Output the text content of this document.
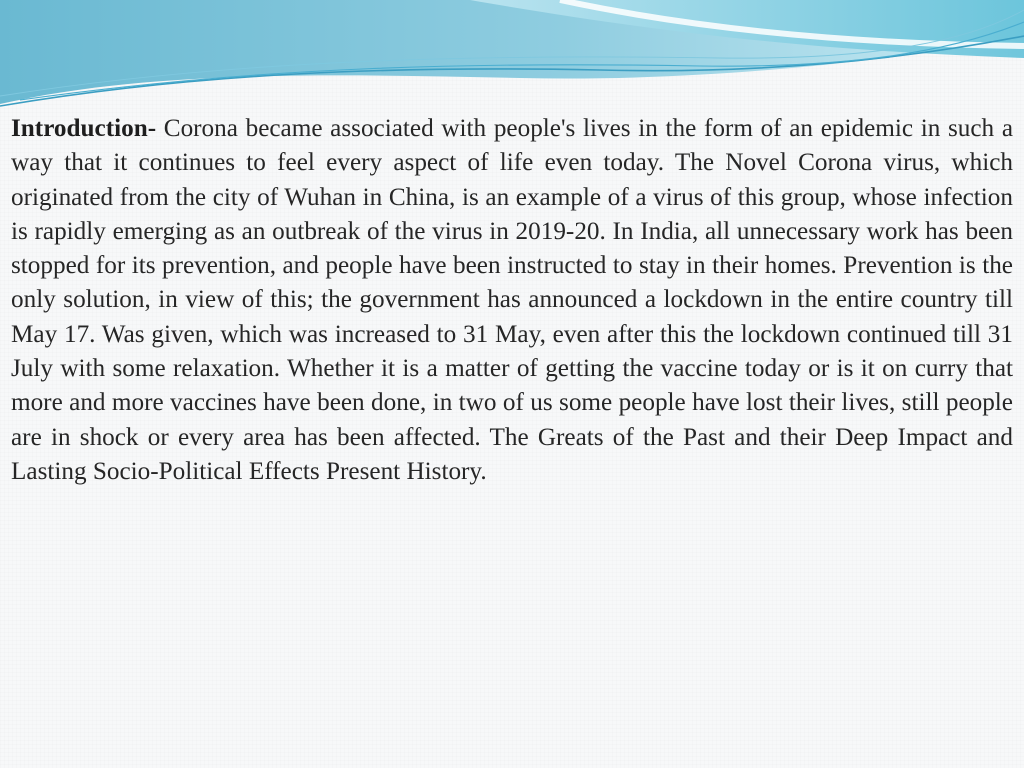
Introduction- Corona became associated with people's lives in the form of an epidemic in such a way that it continues to feel every aspect of life even today. The Novel Corona virus, which originated from the city of Wuhan in China, is an example of a virus of this group, whose infection is rapidly emerging as an outbreak of the virus in 2019-20. In India, all unnecessary work has been stopped for its prevention, and people have been instructed to stay in their homes. Prevention is the only solution, in view of this; the government has announced a lockdown in the entire country till May 17. Was given, which was increased to 31 May, even after this the lockdown continued till 31 July with some relaxation. Whether it is a matter of getting the vaccine today or is it on curry that more and more vaccines have been done, in two of us some people have lost their lives, still people are in shock or every area has been affected. The Greats of the Past and their Deep Impact and Lasting Socio-Political Effects Present History.
